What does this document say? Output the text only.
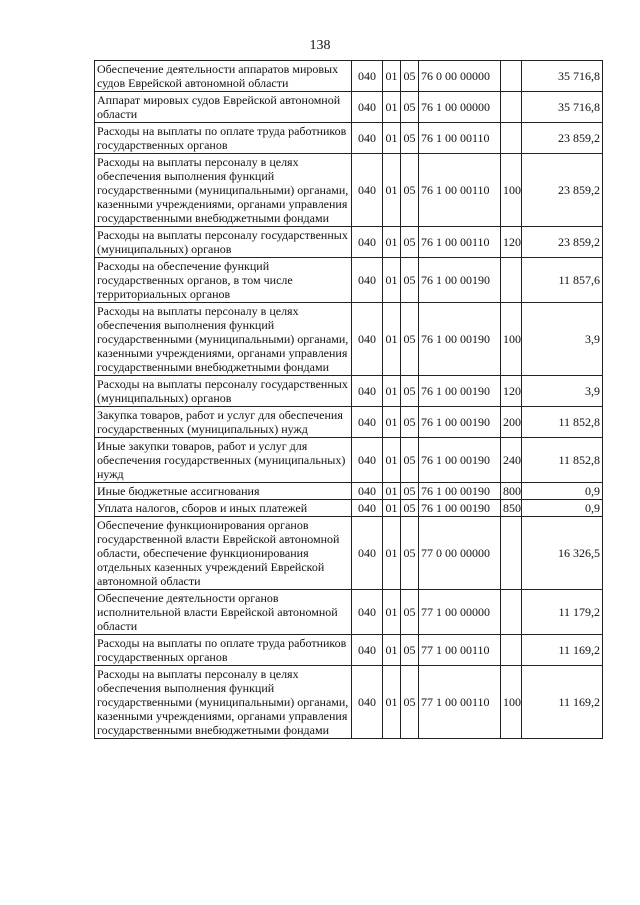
138
Обеспечение деятельности аппаратов мировых судов Еврейской автономной области	040	01	05	76 0 00 00000		35 716,8
Аппарат мировых судов Еврейской автономной области	040	01	05	76 1 00 00000		35 716,8
Расходы на выплаты по оплате труда работников государственных органов	040	01	05	76 1 00 00110		23 859,2
Расходы на выплаты персоналу в целях обеспечения выполнения функций государственными (муниципальными) органами, казенными учреждениями, органами управления государственными внебюджетными фондами	040	01	05	76 1 00 00110	100	23 859,2
Расходы на выплаты персоналу государственных (муниципальных) органов	040	01	05	76 1 00 00110	120	23 859,2
Расходы на обеспечение функций государственных органов, в том числе территориальных органов	040	01	05	76 1 00 00190		11 857,6
Расходы на выплаты персоналу в целях обеспечения выполнения функций государственными (муниципальными) органами, казенными учреждениями, органами управления государственными внебюджетными фондами	040	01	05	76 1 00 00190	100	3,9
Расходы на выплаты персоналу государственных (муниципальных) органов	040	01	05	76 1 00 00190	120	3,9
Закупка товаров, работ и услуг для обеспечения государственных (муниципальных) нужд	040	01	05	76 1 00 00190	200	11 852,8
Иные закупки товаров, работ и услуг для обеспечения государственных (муниципальных) нужд	040	01	05	76 1 00 00190	240	11 852,8
Иные бюджетные ассигнования	040	01	05	76 1 00 00190	800	0,9
Уплата налогов, сборов и иных платежей	040	01	05	76 1 00 00190	850	0,9
Обеспечение функционирования органов государственной власти Еврейской автономной области, обеспечение функционирования отдельных казенных учреждений Еврейской автономной области	040	01	05	77 0 00 00000		16 326,5
Обеспечение деятельности органов исполнительной власти Еврейской автономной области	040	01	05	77 1 00 00000		11 179,2
Расходы на выплаты по оплате труда работников государственных органов	040	01	05	77 1 00 00110		11 169,2
Расходы на выплаты персоналу в целях обеспечения выполнения функций государственными (муниципальными) органами, казенными учреждениями, органами управления государственными внебюджетными фондами	040	01	05	77 1 00 00110	100	11 169,2
